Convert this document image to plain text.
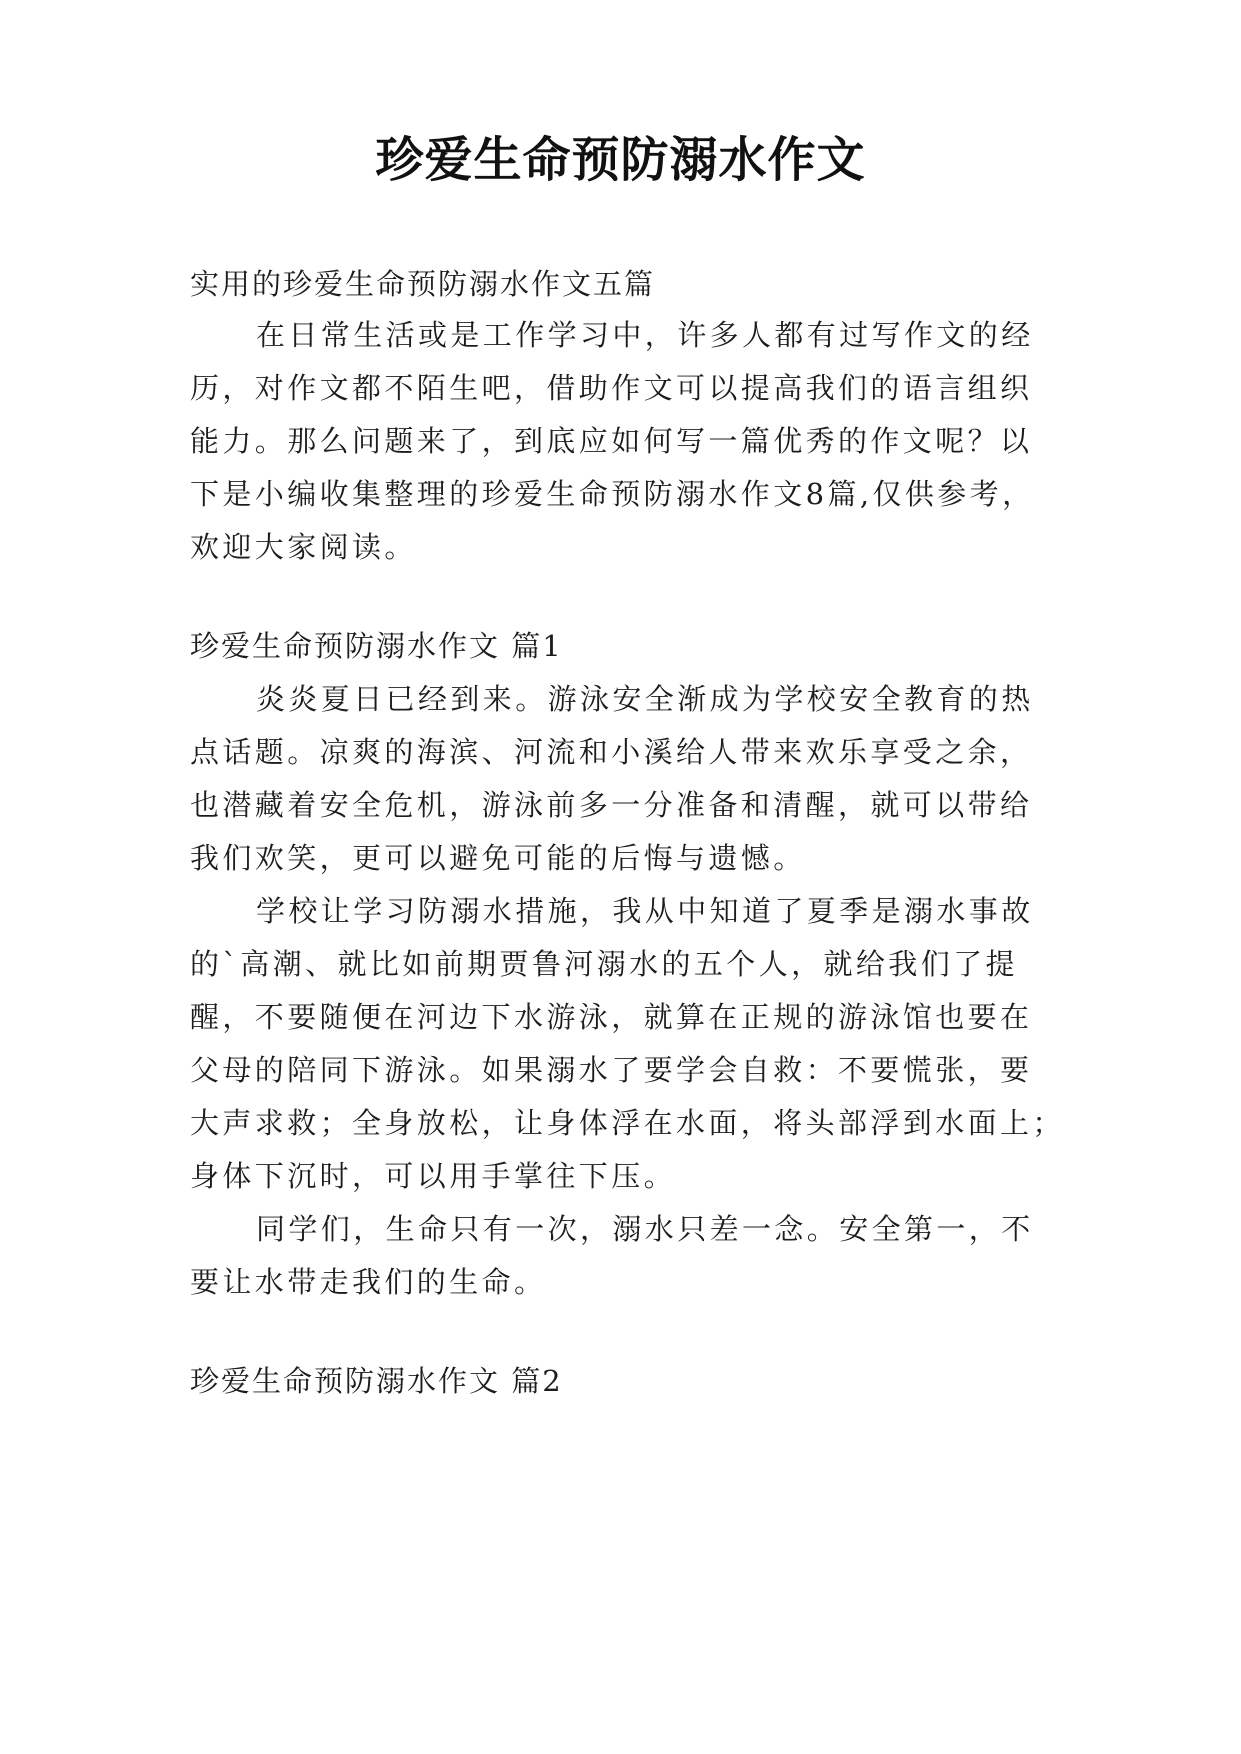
珍爱生命预防溺水作文
实用的珍爱生命预防溺水作文五篇
在日常生活或是工作学习中，许多人都有过写作文的经
历，对作文都不陌生吧，借助作文可以提高我们的语言组织
能力。那么问题来了，到底应如何写一篇优秀的作文呢？以
下是小编收集整理的珍爱生命预防溺水作文8篇,仅供参考，
欢迎大家阅读。
珍爱生命预防溺水作文 篇1
炎炎夏日已经到来。游泳安全渐成为学校安全教育的热
点话题。凉爽的海滨、河流和小溪给人带来欢乐享受之余，
也潜藏着安全危机，游泳前多一分准备和清醒，就可以带给
我们欢笑，更可以避免可能的后悔与遗憾。
学校让学习防溺水措施，我从中知道了夏季是溺水事故
的`高潮、就比如前期贾鲁河溺水的五个人，就给我们了提
醒，不要随便在河边下水游泳，就算在正规的游泳馆也要在
父母的陪同下游泳。如果溺水了要学会自救：不要慌张，要
大声求救；全身放松，让身体浮在水面，将头部浮到水面上；
身体下沉时，可以用手掌往下压。
同学们，生命只有一次，溺水只差一念。安全第一，不
要让水带走我们的生命。
珍爱生命预防溺水作文 篇2
